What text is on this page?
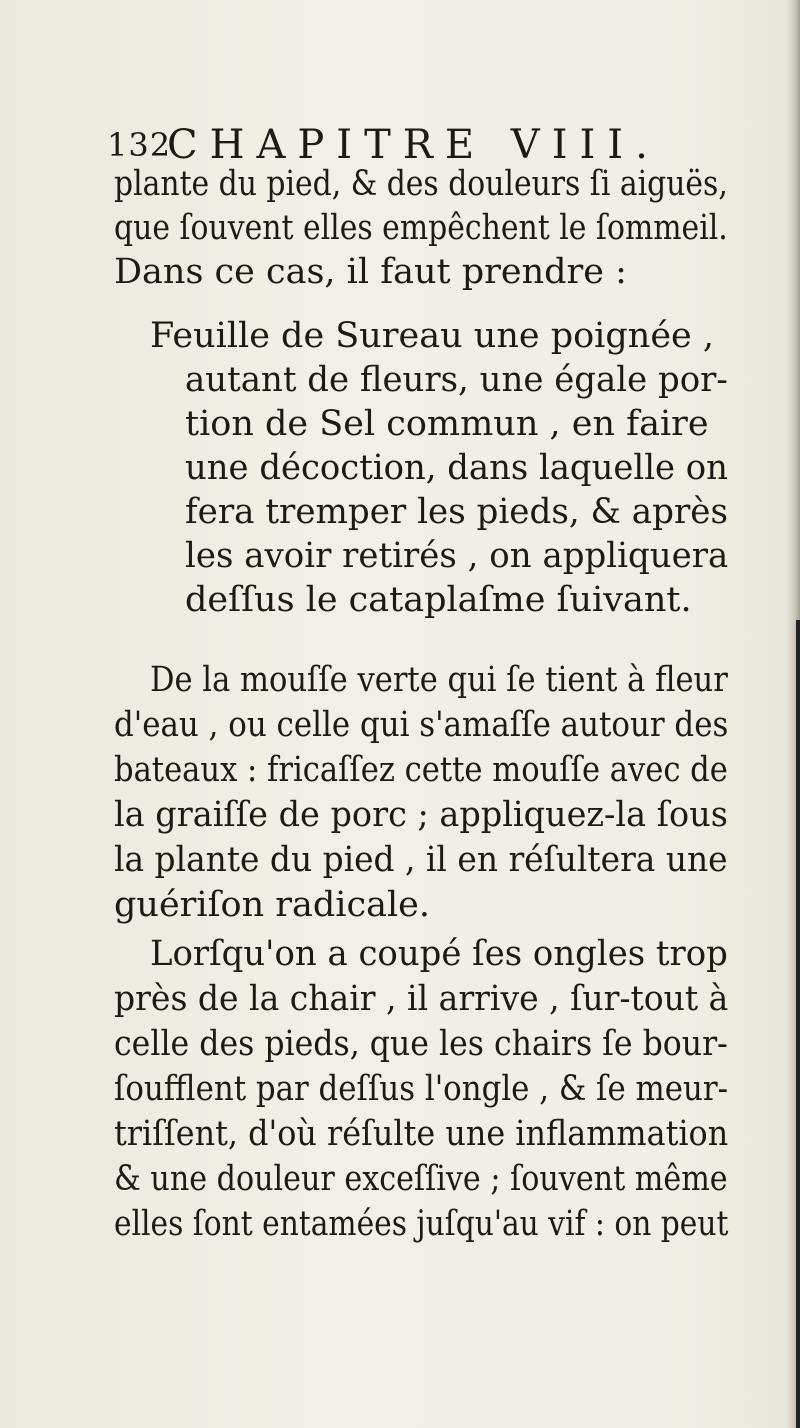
132
CHAPITRE VIII.
plante du pied, & des douleurs ſi aiguës,
que ſouvent elles empêchent le ſommeil.
Dans ce cas, il faut prendre :
Feuille de Sureau une poignée ,
autant de fleurs, une égale por-
tion de Sel commun , en faire
une décoction, dans laquelle on
fera tremper les pieds, & après
les avoir retirés , on appliquera
deſſus le cataplaſme ſuivant.
De la mouſſe verte qui ſe tient à fleur
d'eau , ou celle qui s'amaſſe autour des
bateaux : fricaſſez cette mouſſe avec de
la graiſſe de porc ; appliquez-la ſous
la plante du pied , il en réſultera une
guériſon radicale.
Lorſqu'on a coupé ſes ongles trop
près de la chair , il arrive , ſur-tout à
celle des pieds, que les chairs ſe bour-
ſoufflent par deſſus l'ongle , & ſe meur-
triſſent, d'où réſulte une inflammation
& une douleur exceſſive ; ſouvent même
elles ſont entamées juſqu'au vif : on peut
